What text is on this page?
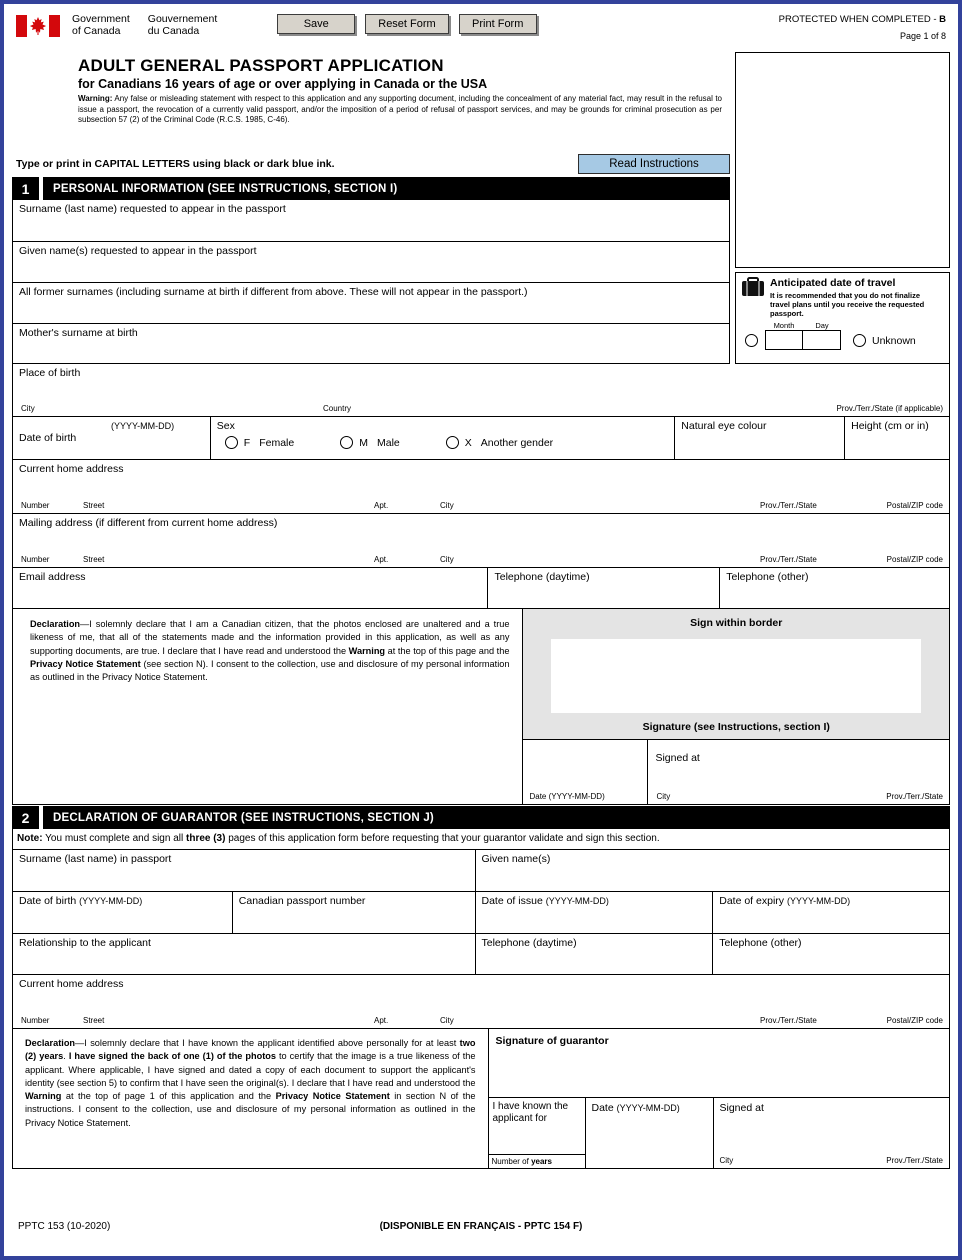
Government
of Canada
Gouvernement
du Canada
Save	Reset Form	Print Form	PROTECTED WHEN COMPLETED - B
Page 1 of 8
ADULT GENERAL PASSPORT APPLICATION
for Canadians 16 years of age or over applying in Canada or the USA

Warning: Any false or misleading statement with respect to this application and any supporting document, including the concealment of any material fact, may result in the refusal to issue a passport, the revocation of a currently valid passport, and/or the imposition of a period of refusal of passport services, and may be grounds for criminal prosecution as per subsection 57 (2) of the Criminal Code (R.C.S. 1985, C-46).

Type or print in CAPITAL LETTERS using black or dark blue ink.	Read Instructions
1	PERSONAL INFORMATION (SEE INSTRUCTIONS, SECTION I)
Surname (last name) requested to appear in the passport
Given name(s) requested to appear in the passport
All former surnames (including surname at birth if different from above. These will not appear in the passport.)
Mother's surname at birth
Anticipated date of travel
It is recommended that you do not finalize travel plans until you receive the requested passport.
Month	Day
Unknown
Place of birth
City	Country	Prov./Terr./State (if applicable)
(YYYY-MM-DD)
Date of birth
Sex
F Female	M Male	X Another gender
Natural eye colour	Height (cm or in)
Current home address
Number	Street	Apt.	City	Prov./Terr./State	Postal/ZIP code
Mailing address (if different from current home address)
Number	Street	Apt.	City	Prov./Terr./State	Postal/ZIP code
Email address	Telephone (daytime)	Telephone (other)

Declaration—I solemnly declare that I am a Canadian citizen, that the photos enclosed are unaltered and a true likeness of me, that all of the statements made and the information provided in this application, as well as any supporting documents, are true. I declare that I have read and understood the Warning at the top of this page and the Privacy Notice Statement (see section N). I consent to the collection, use and disclosure of my personal information as outlined in the Privacy Notice Statement.

Sign within border
Signature (see Instructions, section I)
Date (YYYY-MM-DD)
Signed at
City	Prov./Terr./State
2	DECLARATION OF GUARANTOR (SEE INSTRUCTIONS, SECTION J)
Note: You must complete and sign all three (3) pages of this application form before requesting that your guarantor validate and sign this section.
Surname (last name) in passport	Given name(s)
Date of birth (YYYY-MM-DD)	Canadian passport number	Date of issue (YYYY-MM-DD)	Date of expiry (YYYY-MM-DD)
Relationship to the applicant	Telephone (daytime)	Telephone (other)
Current home address
Number	Street	Apt.	City	Prov./Terr./State	Postal/ZIP code

Declaration—I solemnly declare that I have known the applicant identified above personally for at least two (2) years. I have signed the back of one (1) of the photos to certify that the image is a true likeness of the applicant. Where applicable, I have signed and dated a copy of each document to support the applicant's identity (see section 5) to confirm that I have seen the original(s). I declare that I have read and understood the Warning at the top of page 1 of this application and the Privacy Notice Statement in section N of the instructions. I consent to the collection, use and disclosure of my personal information as outlined in the Privacy Notice Statement.

Signature of guarantor
I have known the applicant for
Number of years
Date (YYYY-MM-DD)	Signed at
City	Prov./Terr./State
PPTC 153 (10-2020)	(DISPONIBLE EN FRANÇAIS - PPTC 154 F)
